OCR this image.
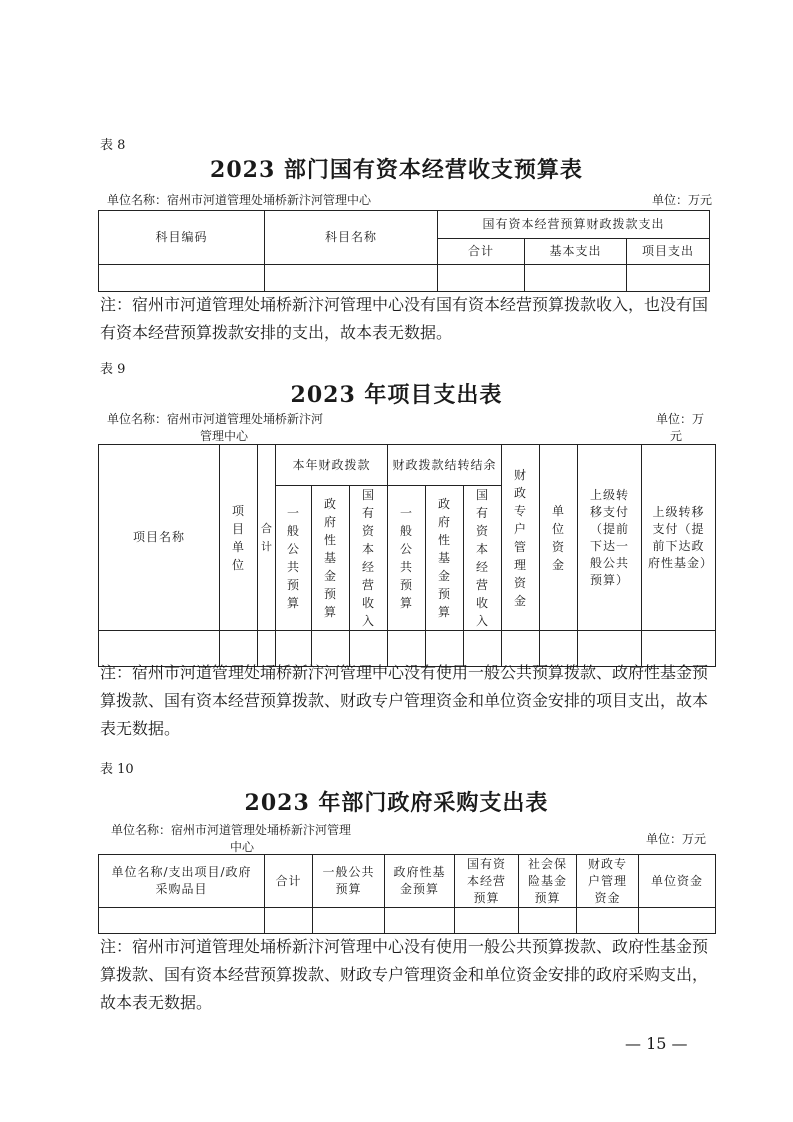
表 8
2023 部门国有资本经营收支预算表
单位名称：宿州市河道管理处埇桥新汴河管理中心	单位：万元
科目编码	科目名称	国有资本经营预算财政拨款支出		
		合计	基本支出	项目支出

注：宿州市河道管理处埇桥新汴河管理中心没有国有资本经营预算拨款收入，也没有国有资本经营预算拨款安排的支出，故本表无数据。
表 9
2023 年项目支出表
单位名称：宿州市河道管理处埇桥新汴河
管理中心
单位：万
元
项目名称	项目单位	合计	本年财政拨款			财政拨款结转结余			财政专户管理资金	单位资金	上级转移支付（提前下达一般公共预算）	上级转移支付（提前下达政府性基金）
			一般公共预算	政府性基金预算	国有资本经营收入	一般公共预算	政府性基金预算	国有资本经营收入				

注：宿州市河道管理处埇桥新汴河管理中心没有使用一般公共预算拨款、政府性基金预算拨款、国有资本经营预算拨款、财政专户管理资金和单位资金安排的项目支出，故本表无数据。
表 10
2023 年部门政府采购支出表
单位名称：宿州市河道管理处埇桥新汴河管理
中心
单位：万元
单位名称/支出项目/政府采购品目	合计	一般公共预算	政府性基金预算	国有资本经营预算	社会保险基金预算	财政专户管理资金	单位资金

注：宿州市河道管理处埇桥新汴河管理中心没有使用一般公共预算拨款、政府性基金预算拨款、国有资本经营预算拨款、财政专户管理资金和单位资金安排的政府采购支出，故本表无数据。
— 15 —
